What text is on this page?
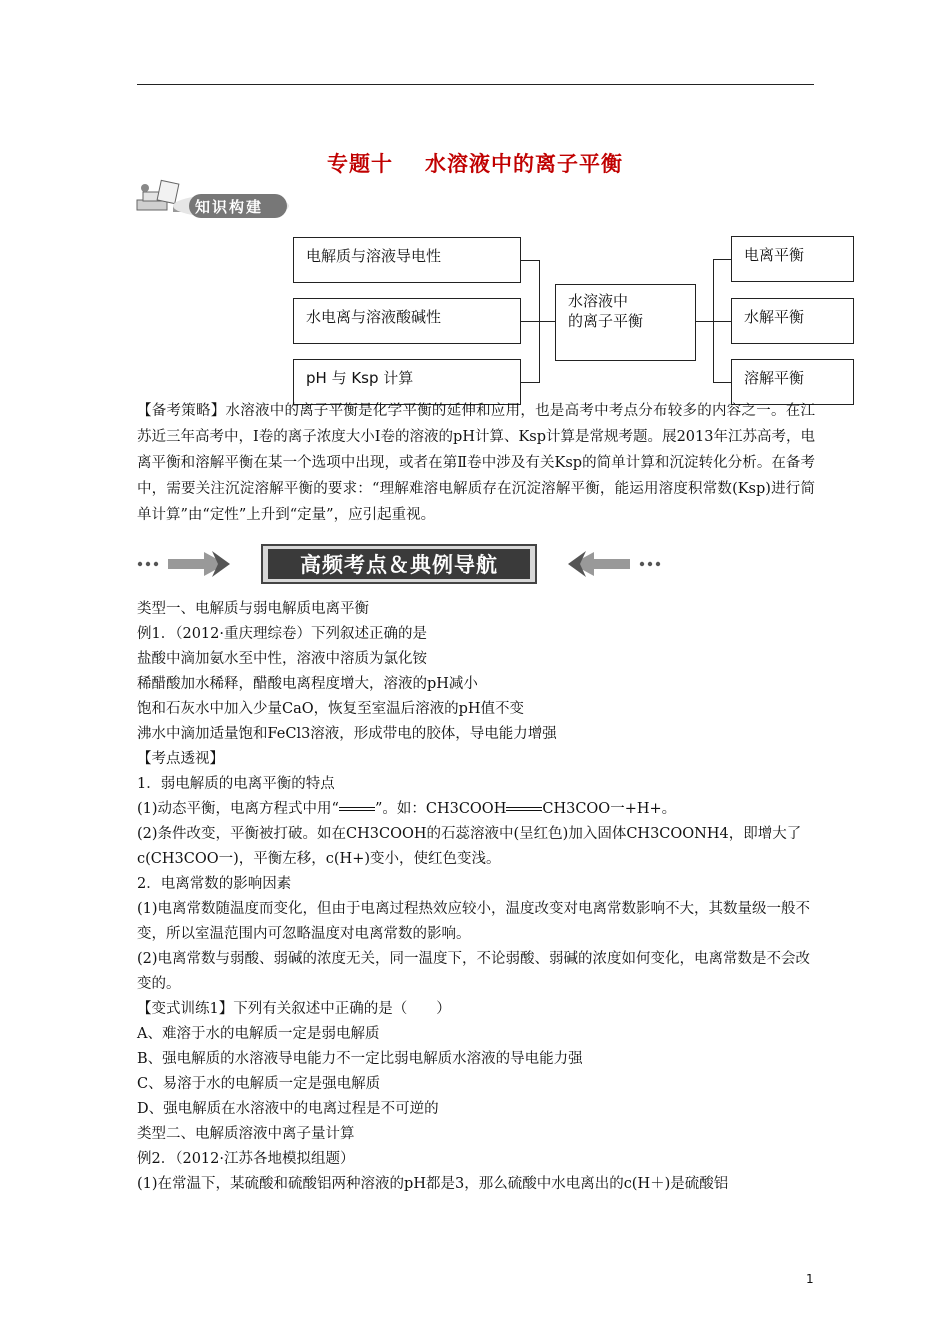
专题十 水溶液中的离子平衡
知识构建
电解质与溶液导电性
水电离与溶液酸碱性
pH 与 Ksp 计算
水溶液中
的离子平衡
电离平衡
水解平衡
溶解平衡
【备考策略】水溶液中的离子平衡是化学平衡的延伸和应用，也是高考中考点分布较多的内容之一。在江苏近三年高考中，Ⅰ卷的离子浓度大小Ⅰ卷的溶液的pH计算、Ksp计算是常规考题。展2013年江苏高考，电离平衡和溶解平衡在某一个选项中出现，或者在第Ⅱ卷中涉及有关Ksp的简单计算和沉淀转化分析。在备考中，需要关注沉淀溶解平衡的要求：“理解难溶电解质存在沉淀溶解平衡，能运用溶度积常数(Ksp)进行简单计算”由“定性”上升到“定量”，应引起重视。
高频考点＆典例导航
类型一、电解质与弱电解质电离平衡
例1．（2012·重庆理综卷）下列叙述正确的是
盐酸中滴加氨水至中性，溶液中溶质为氯化铵
稀醋酸加水稀释，醋酸电离程度增大，溶液的pH减小
饱和石灰水中加入少量CaO，恢复至室温后溶液的pH值不变
沸水中滴加适量饱和FeCl3溶液，形成带电的胶体，导电能力增强
【考点透视】
1．弱电解质的电离平衡的特点
(1)动态平衡，电离方程式中用“ ”。如：CH3COOH CH3COO一+H+。
(2)条件改变，平衡被打破。如在CH3COOH的石蕊溶液中(呈红色)加入固体CH3COONH4，即增大了
c(CH3COO一)，平衡左移，c(H+)变小，使红色变浅。
2．电离常数的影响因素
(1)电离常数随温度而变化，但由于电离过程热效应较小，温度改变对电离常数影响不大，其数量级一般不变，所以室温范围内可忽略温度对电离常数的影响。
(2)电离常数与弱酸、弱碱的浓度无关，同一温度下，不论弱酸、弱碱的浓度如何变化，电离常数是不会改变的。
【变式训练1】下列有关叙述中正确的是（　　）
A、难溶于水的电解质一定是弱电解质
B、强电解质的水溶液导电能力不一定比弱电解质水溶液的导电能力强
C、易溶于水的电解质一定是强电解质
D、强电解质在水溶液中的电离过程是不可逆的
类型二、电解质溶液中离子量计算
例2．（2012·江苏各地模拟组题）
(1)在常温下，某硫酸和硫酸铝两种溶液的pH都是3，那么硫酸中水电离出的c(H＋)是硫酸铝
1
